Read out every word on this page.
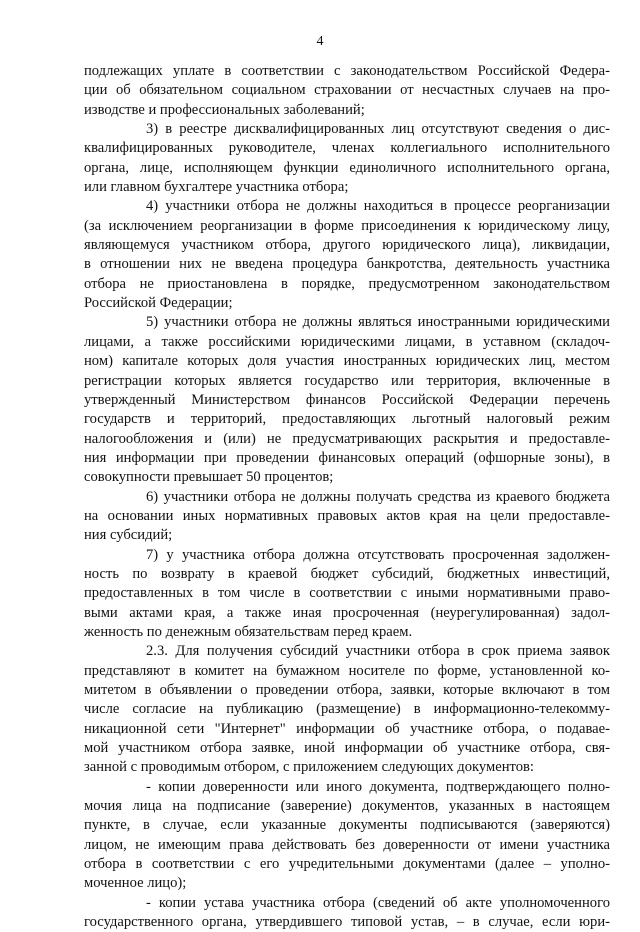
4
подлежащих уплате в соответствии с законодательством Российской Федера-
ции об обязательном социальном страховании от несчастных случаев на про-
изводстве и профессиональных заболеваний;
3) в реестре дисквалифицированных лиц отсутствуют сведения о дис-
квалифицированных руководителе, членах коллегиального исполнительного
органа, лице, исполняющем функции единоличного исполнительного органа,
или главном бухгалтере участника отбора;
4) участники отбора не должны находиться в процессе реорганизации
(за исключением реорганизации в форме присоединения к юридическому лицу,
являющемуся участником отбора, другого юридического лица), ликвидации,
в отношении них не введена процедура банкротства, деятельность участника
отбора не приостановлена в порядке, предусмотренном законодательством
Российской Федерации;
5) участники отбора не должны являться иностранными юридическими
лицами, а также российскими юридическими лицами, в уставном (складоч-
ном) капитале которых доля участия иностранных юридических лиц, местом
регистрации которых является государство или территория, включенные в
утвержденный Министерством финансов Российской Федерации перечень
государств и территорий, предоставляющих льготный налоговый режим
налогообложения и (или) не предусматривающих раскрытия и предоставле-
ния информации при проведении финансовых операций (офшорные зоны), в
совокупности превышает 50 процентов;
6) участники отбора не должны получать средства из краевого бюджета
на основании иных нормативных правовых актов края на цели предоставле-
ния субсидий;
7) у участника отбора должна отсутствовать просроченная задолжен-
ность по возврату в краевой бюджет субсидий, бюджетных инвестиций,
предоставленных в том числе в соответствии с иными нормативными право-
выми актами края, а также иная просроченная (неурегулированная) задол-
женность по денежным обязательствам перед краем.
2.3. Для получения субсидий участники отбора в срок приема заявок
представляют в комитет на бумажном носителе по форме, установленной ко-
митетом в объявлении о проведении отбора, заявки, которые включают в том
числе согласие на публикацию (размещение) в информационно-телекомму-
никационной сети "Интернет" информации об участнике отбора, о подавае-
мой участником отбора заявке, иной информации об участнике отбора, свя-
занной с проводимым отбором, с приложением следующих документов:
- копии доверенности или иного документа, подтверждающего полно-
мочия лица на подписание (заверение) документов, указанных в настоящем
пункте, в случае, если указанные документы подписываются (заверяются)
лицом, не имеющим права действовать без доверенности от имени участника
отбора в соответствии с его учредительными документами (далее – уполно-
моченное лицо);
- копии устава участника отбора (сведений об акте уполномоченного
государственного органа, утвердившего типовой устав, – в случае, если юри-
